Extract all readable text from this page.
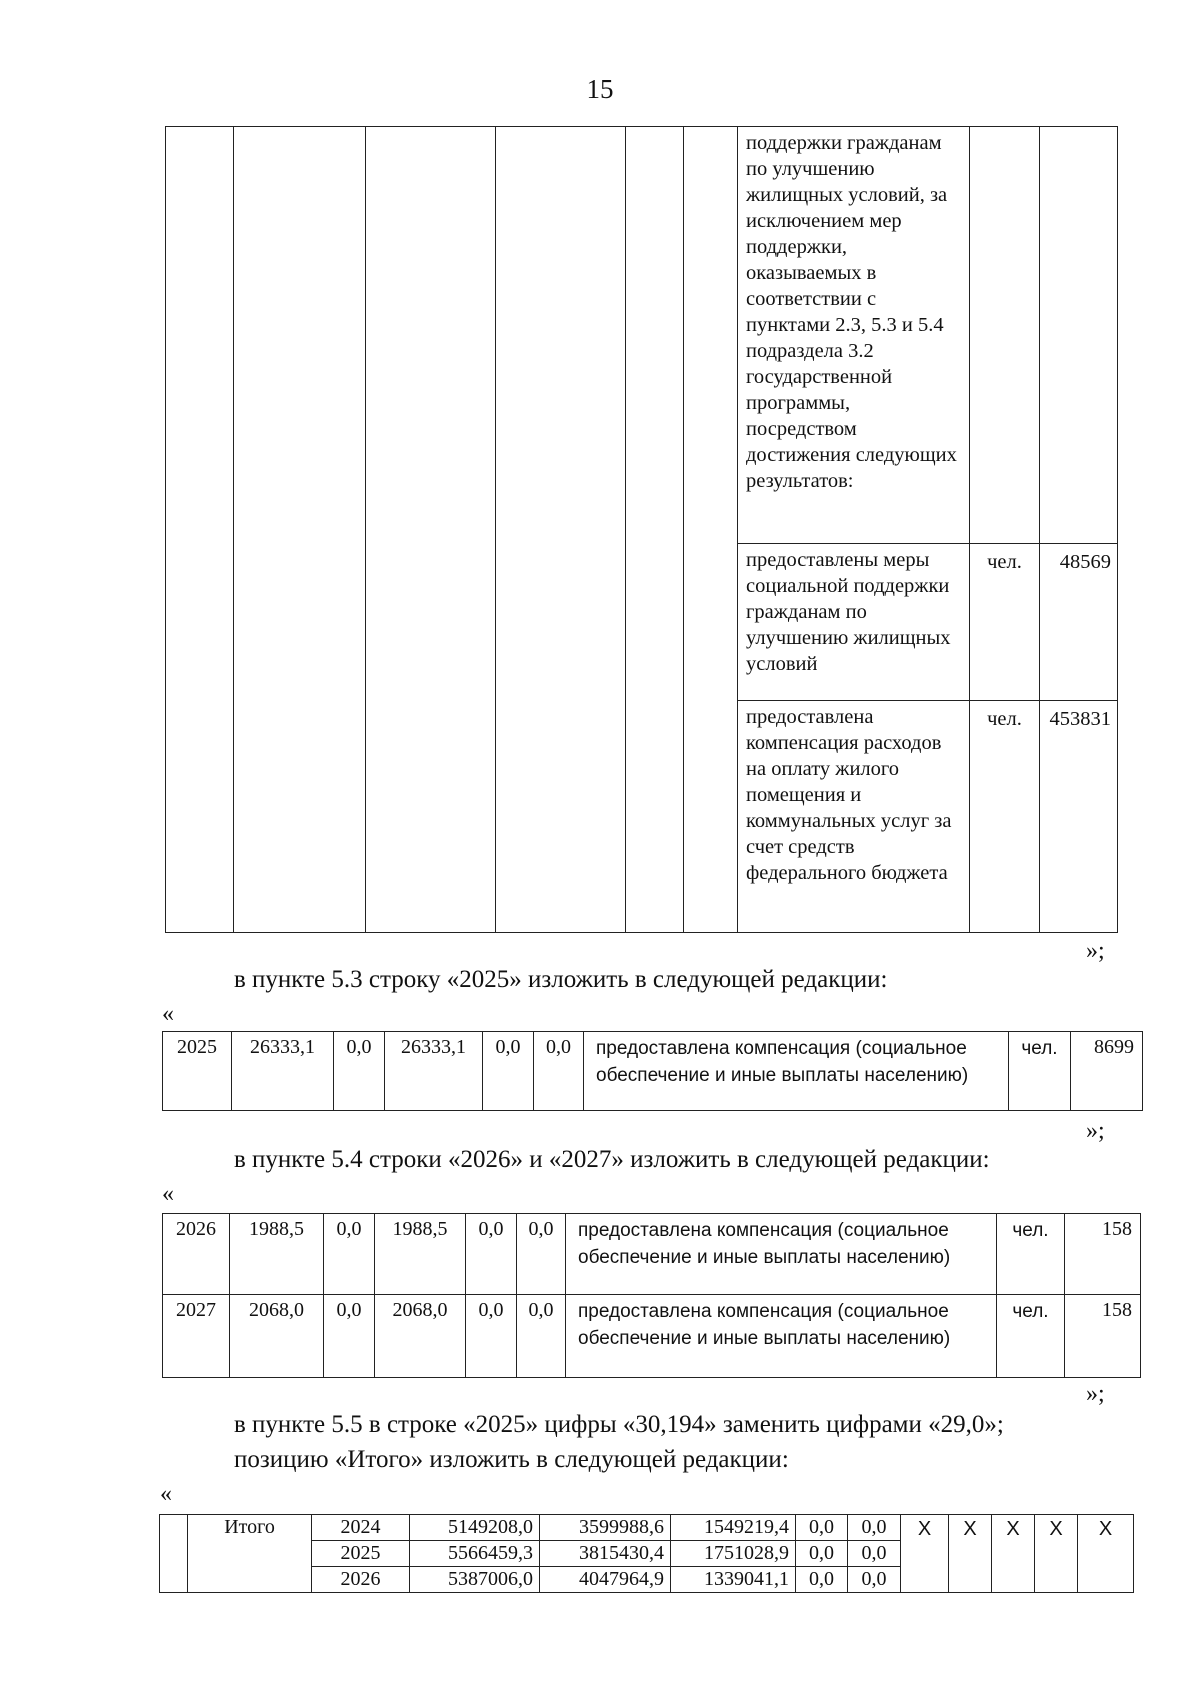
15
						поддержки гражданам по улучшению жилищных условий, за исключением мер поддержки, оказываемых в соответствии с пунктами 2.3, 5.3 и 5.4 подраздела 3.2 государственной программы, посредством достижения следующих результатов:		
						предоставлены меры социальной поддержки гражданам по улучшению жилищных условий	чел.	48569
						предоставлена компенсация расходов на оплату жилого помещения и коммунальных услуг за счет средств федерального бюджета	чел.	453831
»;
в пункте 5.3 строку «2025» изложить в следующей редакции:
«
2025	26333,1	0,0	26333,1	0,0	0,0	предоставлена компенсация (социальное обеспечение и иные выплаты населению)	чел.	8699
»;
в пункте 5.4 строки «2026» и «2027» изложить в следующей редакции:
«
2026	1988,5	0,0	1988,5	0,0	0,0	предоставлена компенсация (социальное обеспечение и иные выплаты населению)	чел.	158
2027	2068,0	0,0	2068,0	0,0	0,0	предоставлена компенсация (социальное обеспечение и иные выплаты населению)	чел.	158
»;
в пункте 5.5 в строке «2025» цифры «30,194» заменить цифрами «29,0»;
позицию «Итого» изложить в следующей редакции:
«
	Итого	2024	5149208,0	3599988,6	1549219,4	0,0	0,0	X	X	X	X	X
		2025	5566459,3	3815430,4	1751028,9	0,0	0,0					
		2026	5387006,0	4047964,9	1339041,1	0,0	0,0					
